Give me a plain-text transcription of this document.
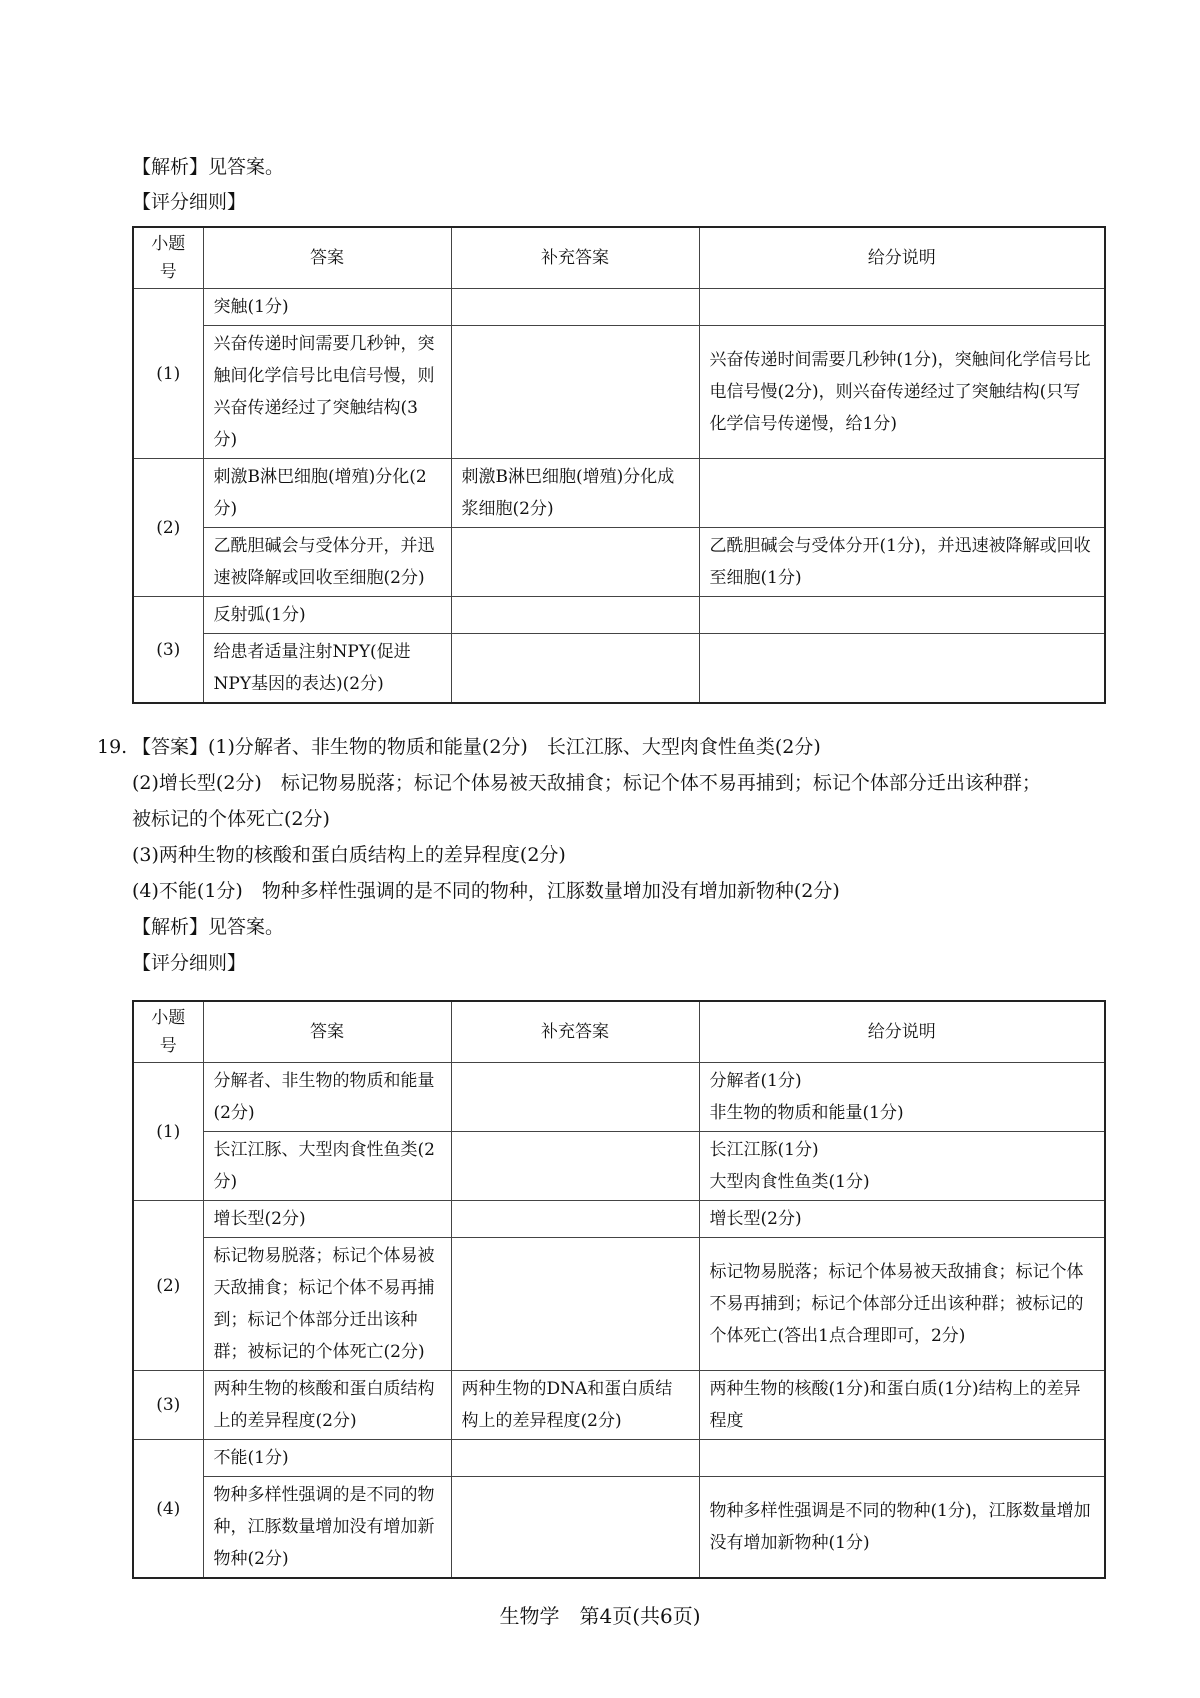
【解析】见答案。
【评分细则】
小题号	答案	补充答案	给分说明
(1)	突触(1分)		
	兴奋传递时间需要几秒钟，突触间化学信号比电信号慢，则兴奋传递经过了突触结构(3分)		兴奋传递时间需要几秒钟(1分)，突触间化学信号比电信号慢(2分)，则兴奋传递经过了突触结构(只写化学信号传递慢，给1分)
(2)	刺激B淋巴细胞(增殖)分化(2分)	刺激B淋巴细胞(增殖)分化成浆细胞(2分)	
	乙酰胆碱会与受体分开，并迅速被降解或回收至细胞(2分)		乙酰胆碱会与受体分开(1分)，并迅速被降解或回收至细胞(1分)
(3)	反射弧(1分)		
	给患者适量注射NPY(促进NPY基因的表达)(2分)		
19. 【答案】(1)分解者、非生物的物质和能量(2分)　长江江豚、大型肉食性鱼类(2分)
(2)增长型(2分)　标记物易脱落；标记个体易被天敌捕食；标记个体不易再捕到；标记个体部分迁出该种群；
被标记的个体死亡(2分)
(3)两种生物的核酸和蛋白质结构上的差异程度(2分)
(4)不能(1分)　物种多样性强调的是不同的物种，江豚数量增加没有增加新物种(2分)
【解析】见答案。
【评分细则】
小题号	答案	补充答案	给分说明
(1)	分解者、非生物的物质和能量(2分)		分解者(1分)
非生物的物质和能量(1分)

	长江江豚、大型肉食性鱼类(2分)		长江江豚(1分)
大型肉食性鱼类(1分)

(2)	增长型(2分)		增长型(2分)
	标记物易脱落；标记个体易被天敌捕食；标记个体不易再捕到；标记个体部分迁出该种群；被标记的个体死亡(2分)		标记物易脱落；标记个体易被天敌捕食；标记个体不易再捕到；标记个体部分迁出该种群；被标记的个体死亡(答出1点合理即可，2分)
(3)	两种生物的核酸和蛋白质结构上的差异程度(2分)	两种生物的DNA和蛋白质结构上的差异程度(2分)	两种生物的核酸(1分)和蛋白质(1分)结构上的差异程度
(4)	不能(1分)		
	物种多样性强调的是不同的物种，江豚数量增加没有增加新物种(2分)		物种多样性强调是不同的物种(1分)，江豚数量增加没有增加新物种(1分)
生物学　第4页(共6页)
